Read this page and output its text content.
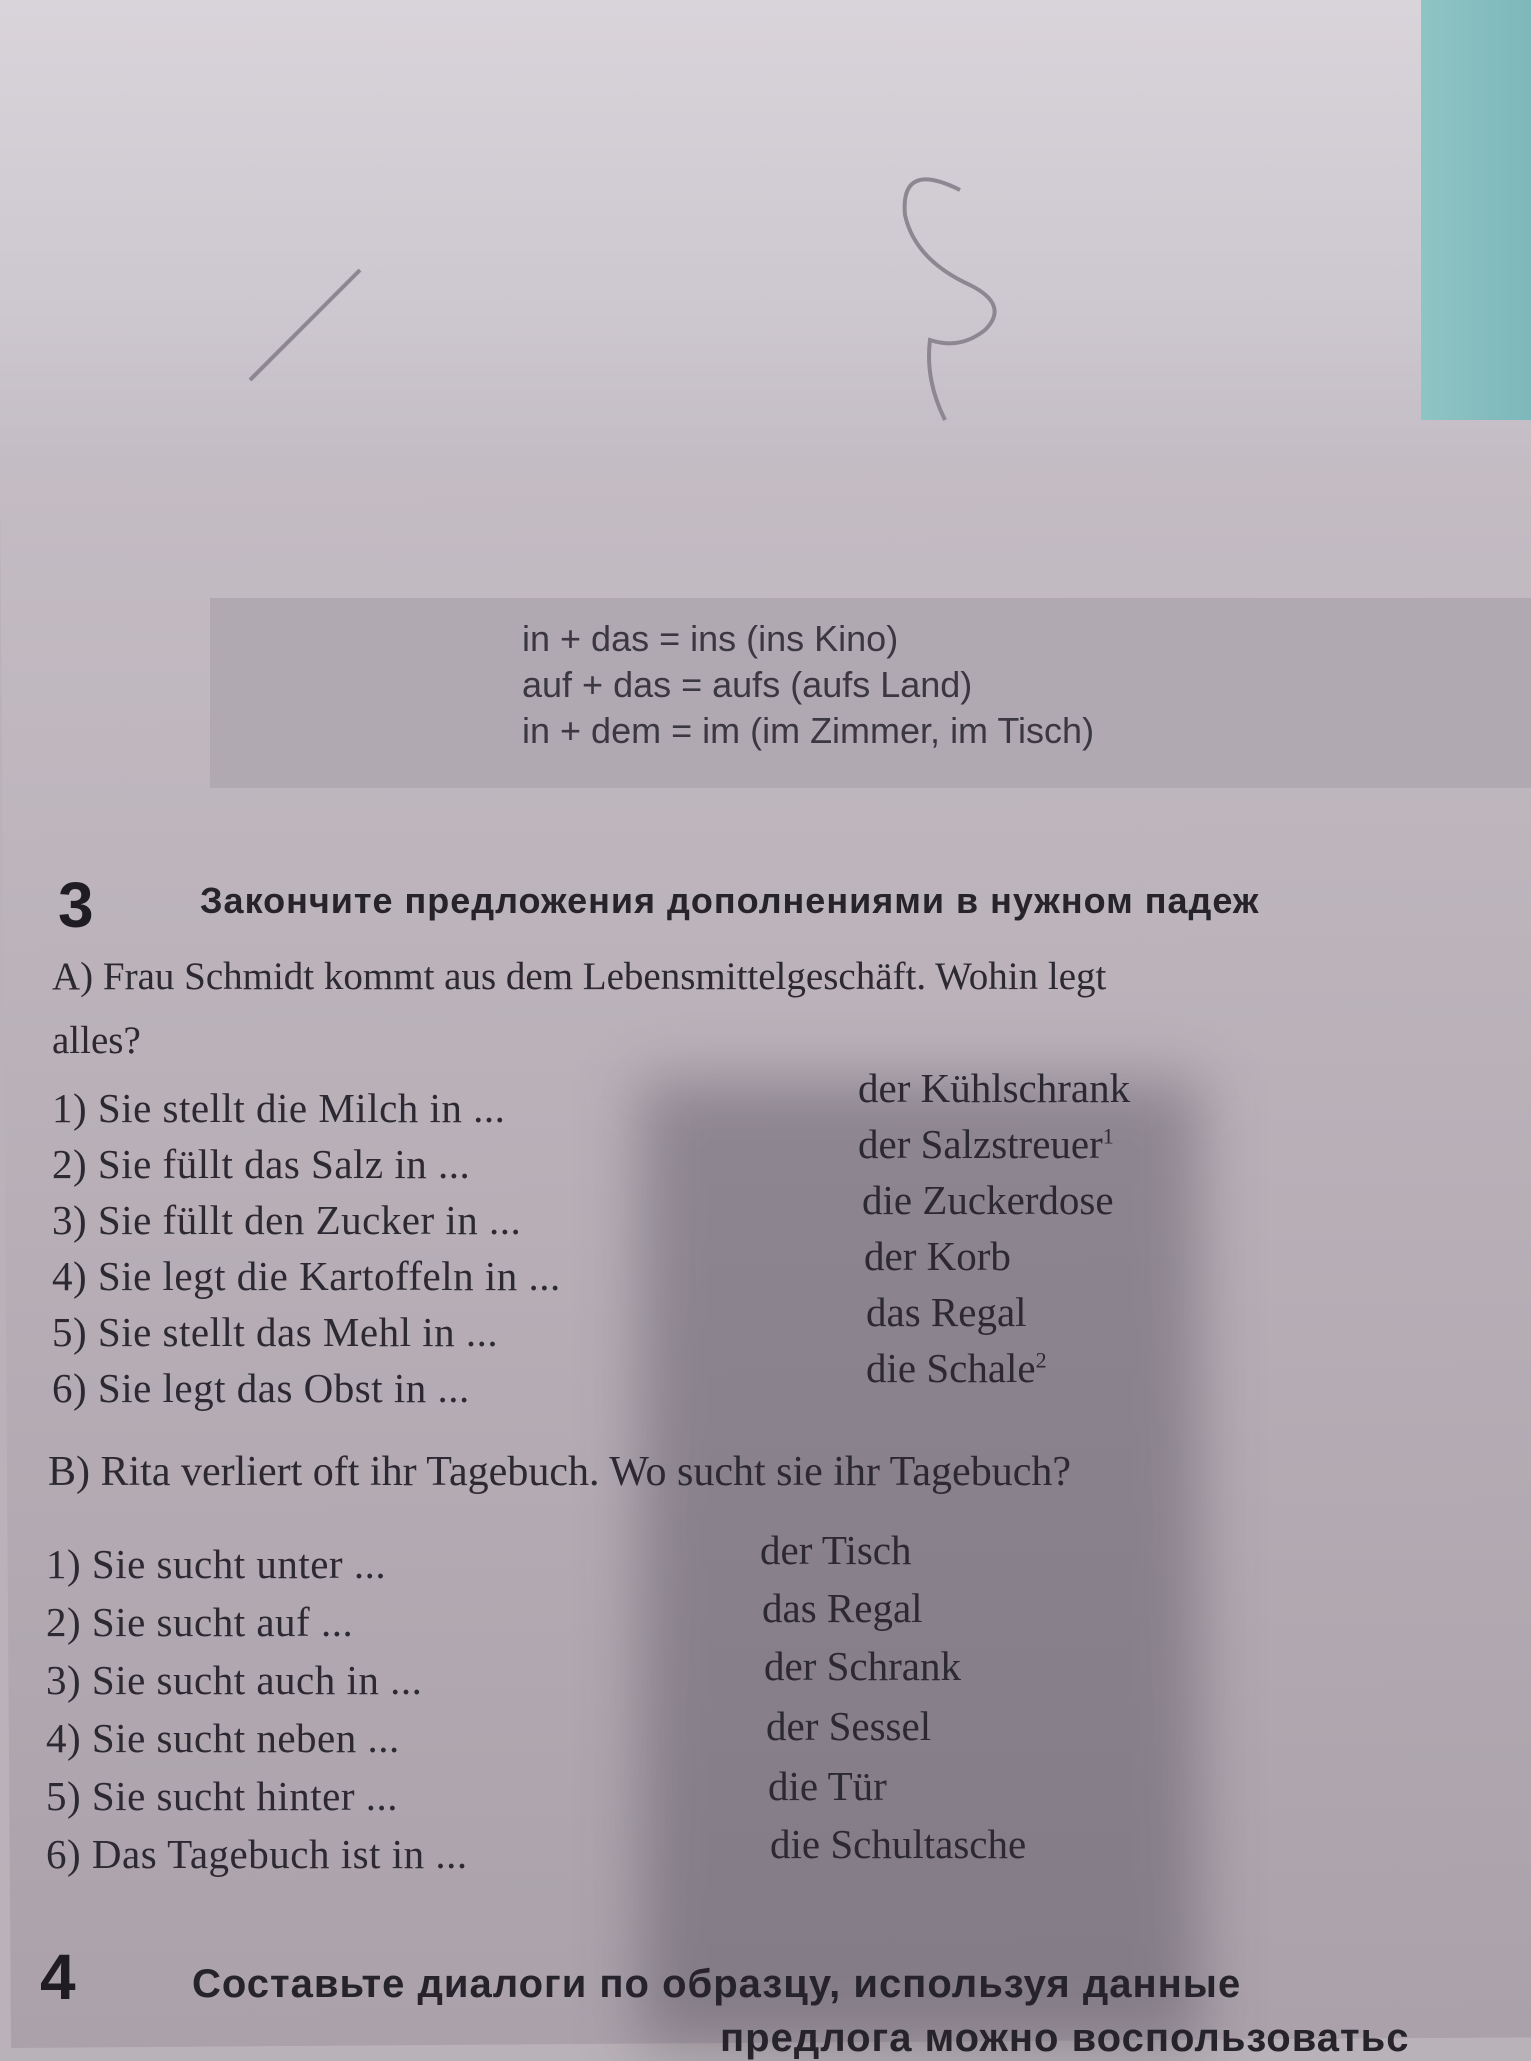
in + das = ins (ins Kino)
auf + das = aufs (aufs Land)
in + dem = im (im Zimmer, im Tisch)
3	Закончите предложения дополнениями в нужном падеж
A) Frau Schmidt kommt aus dem Lebensmittelgeschäft. Wohin legt
alles?
1) Sie stellt die Milch in ...
2) Sie füllt das Salz in ...
3) Sie füllt den Zucker in ...
4) Sie legt die Kartoffeln in ...
5) Sie stellt das Mehl in ...
6) Sie legt das Obst in ...
der Kühlschrank
der Salzstreuer$^1$
die Zuckerdose
der Korb
das Regal
die Schale$^2$
B) Rita verliert oft ihr Tagebuch. Wo sucht sie ihr Tagebuch?
1) Sie sucht unter ...
2) Sie sucht auf ...
3) Sie sucht auch in ...
4) Sie sucht neben ...
5) Sie sucht hinter ...
6) Das Tagebuch ist in ...
der Tisch
das Regal
der Schrank
der Sessel
die Tür
die Schultasche
4	Составьте диалоги по образцу, используя данные
предлога можно воспользоватьс
